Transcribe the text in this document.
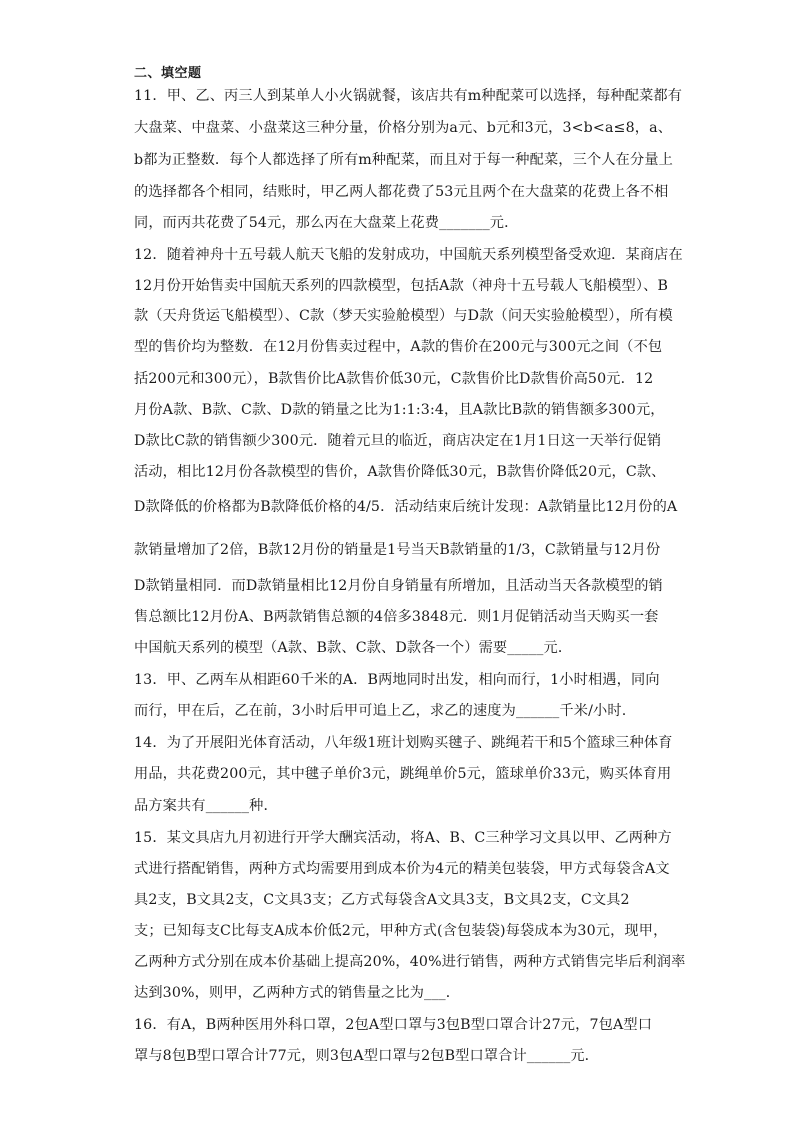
二、填空题
11．甲、乙、丙三人到某单人小火锅就餐，该店共有m种配菜可以选择，每种配菜都有
大盘菜、中盘菜、小盘菜这三种分量，价格分别为a元、b元和3元，3<b<a≤8，a、
b都为正整数．每个人都选择了所有m种配菜，而且对于每一种配菜，三个人在分量上
的选择都各个相同，结账时，甲乙两人都花费了53元且两个在大盘菜的花费上各不相
同，而丙共花费了54元，那么丙在大盘菜上花费_______元．
12．随着神舟十五号载人航天飞船的发射成功，中国航天系列模型备受欢迎．某商店在
12月份开始售卖中国航天系列的四款模型，包括A款（神舟十五号载人飞船模型）、B
款（天舟货运飞船模型）、C款（梦天实验舱模型）与D款（问天实验舱模型），所有模
型的售价均为整数．在12月份售卖过程中，A款的售价在200元与300元之间（不包
括200元和300元），B款售价比A款售价低30元，C款售价比D款售价高50元．12
月份A款、B款、C款、D款的销量之比为1:1:3:4，且A款比B款的销售额多300元，
D款比C款的销售额少300元．随着元旦的临近，商店决定在1月1日这一天举行促销
活动，相比12月份各款模型的售价，A款售价降低30元，B款售价降低20元，C款、
D款降低的价格都为B款降低价格的4/5．活动结束后统计发现：A款销量比12月份的A
款销量增加了2倍，B款12月份的销量是1号当天B款销量的1/3，C款销量与12月份
D款销量相同．而D款销量相比12月份自身销量有所增加，且活动当天各款模型的销
售总额比12月份A、B两款销售总额的4倍多3848元．则1月促销活动当天购买一套
中国航天系列的模型（A款、B款、C款、D款各一个）需要_____元．
13．甲、乙两车从相距60千米的A．B两地同时出发，相向而行，1小时相遇，同向
而行，甲在后，乙在前，3小时后甲可追上乙，求乙的速度为______千米/小时.
14．为了开展阳光体育活动，八年级1班计划购买毽子、跳绳若干和5个篮球三种体育
用品，共花费200元，其中毽子单价3元，跳绳单价5元，篮球单价33元，购买体育用
品方案共有______种．
15．某文具店九月初进行开学大酬宾活动，将A、B、C三种学习文具以甲、乙两种方
式进行搭配销售，两种方式均需要用到成本价为4元的精美包装袋，甲方式每袋含A文
具2支，B文具2支，C文具3支；乙方式每袋含A文具3支，B文具2支，C文具2
支；已知每支C比每支A成本价低2元，甲种方式(含包装袋)每袋成本为30元，现甲，
乙两种方式分别在成本价基础上提高20%，40%进行销售，两种方式销售完毕后利润率
达到30%，则甲，乙两种方式的销售量之比为___．
16．有A，B两种医用外科口罩，2包A型口罩与3包B型口罩合计27元，7包A型口
罩与8包B型口罩合计77元，则3包A型口罩与2包B型口罩合计______元．
